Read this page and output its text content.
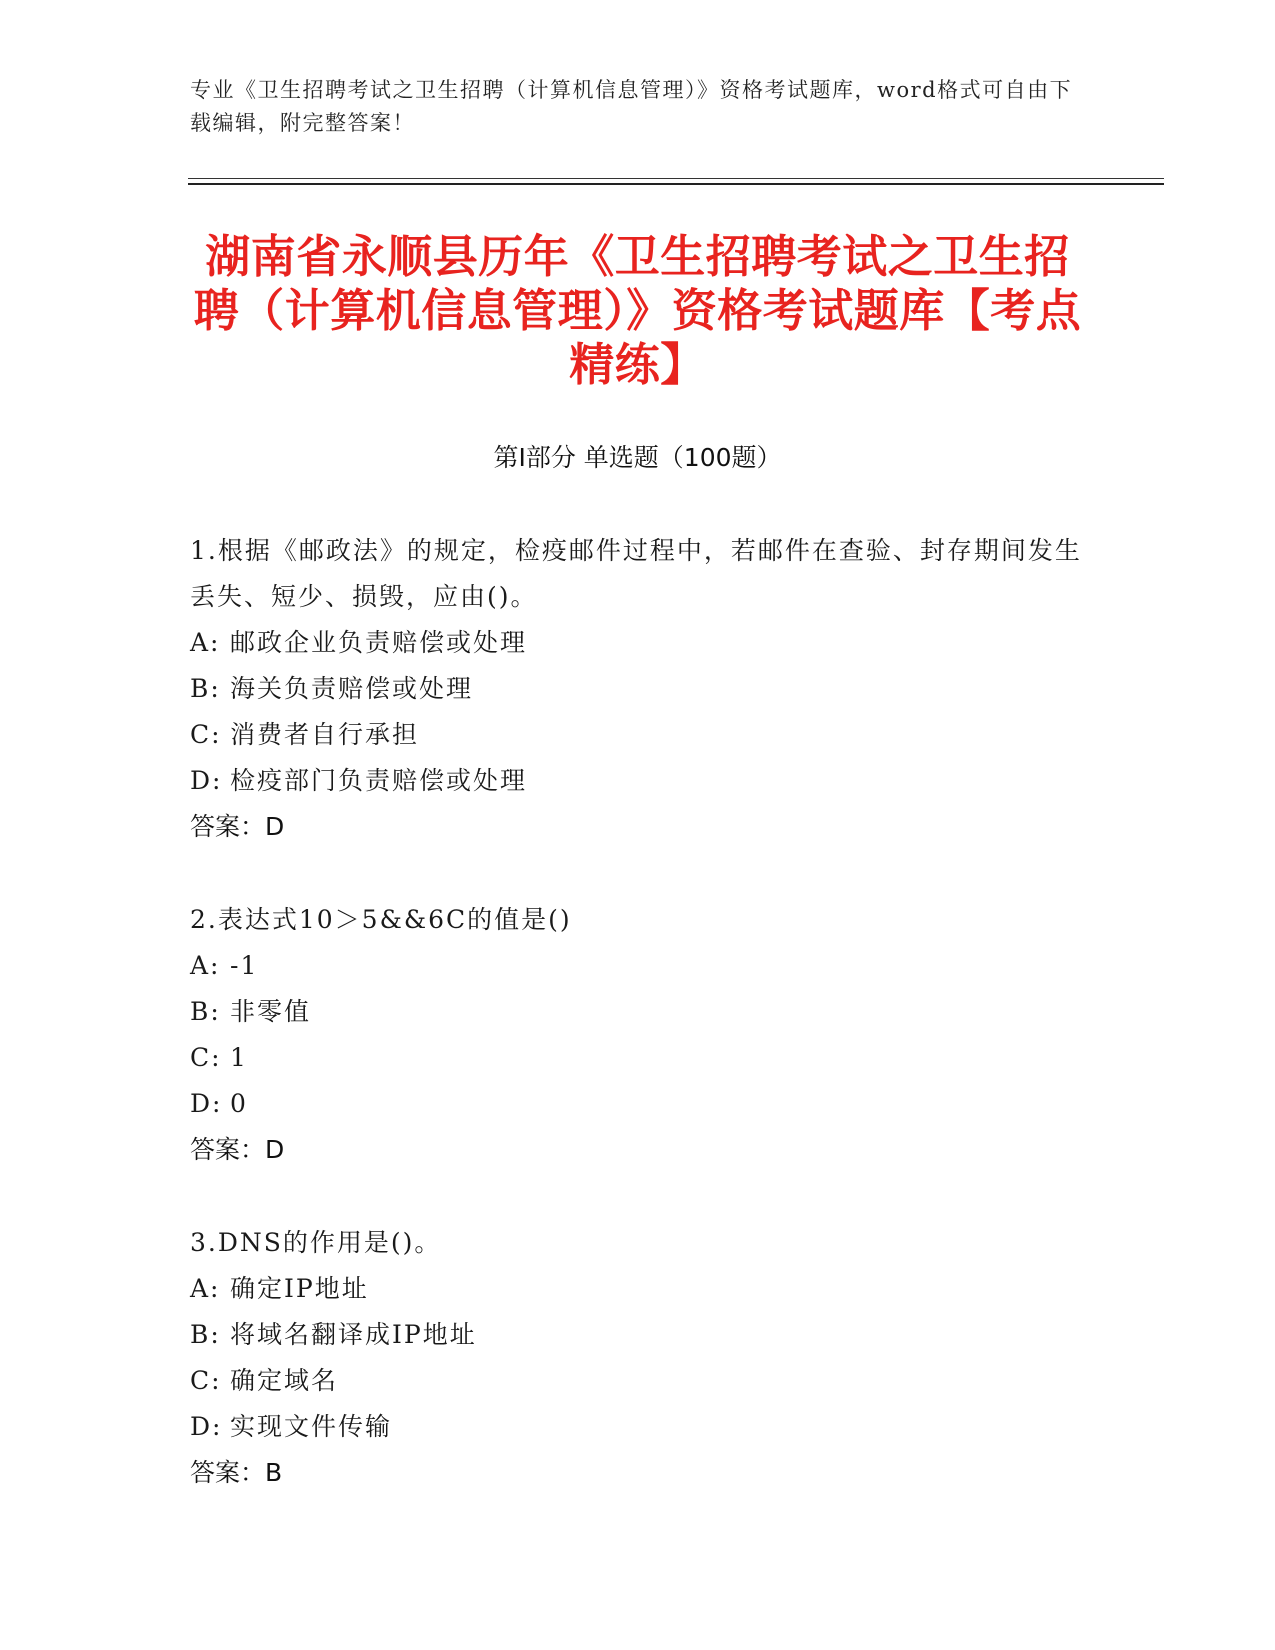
专业《卫生招聘考试之卫生招聘（计算机信息管理）》资格考试题库，word格式可自由下载编辑，附完整答案！
湖南省永顺县历年《卫生招聘考试之卫生招聘（计算机信息管理）》资格考试题库【考点精练】
第I部分 单选题（100题）

1.根据《邮政法》的规定，检疫邮件过程中，若邮件在查验、封存期间发生丢失、短少、损毁，应由()。

A: 邮政企业负责赔偿或处理

B: 海关负责赔偿或处理

C: 消费者自行承担

D: 检疫部门负责赔偿或处理

答案：D

2.表达式10＞5&&6C的值是()

A: -1

B: 非零值

C: 1

D: 0

答案：D

3.DNS的作用是()。

A: 确定IP地址

B: 将域名翻译成IP地址

C: 确定域名

D: 实现文件传输

答案：B
